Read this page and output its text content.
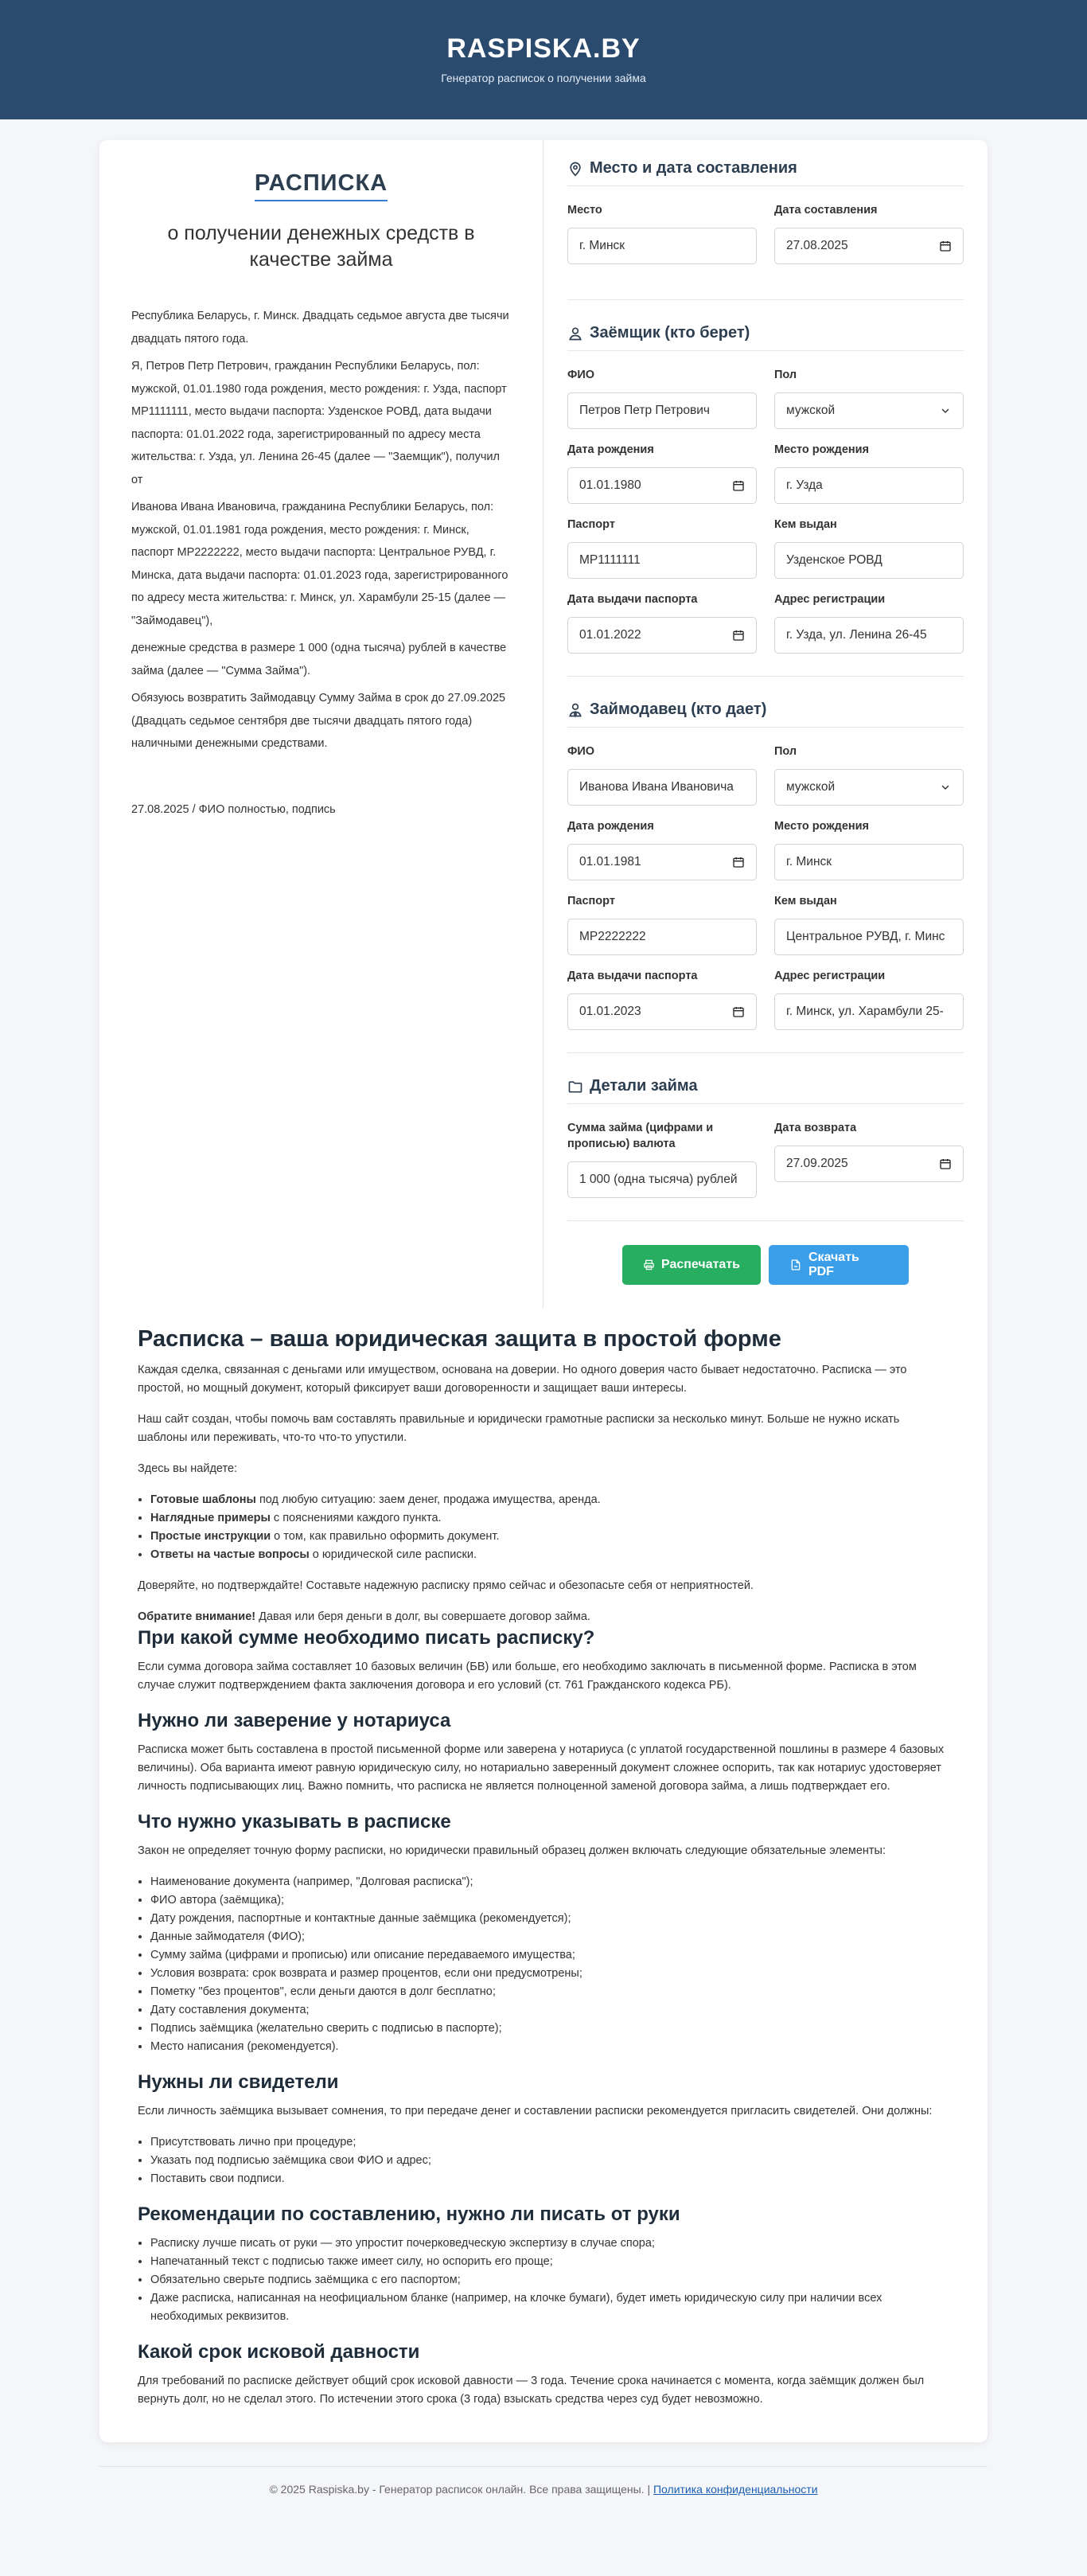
RASPISKA.BY

Генератор расписок о получении займа

РАСПИСКА
о получении денежных средств в качестве займа

Республика Беларусь, г. Минск. Двадцать седьмое августа две тысячи двадцать пятого года.

Я, Петров Петр Петрович, гражданин Республики Беларусь, пол: мужской, 01.01.1980 года рождения, место рождения: г. Узда, паспорт MP1111111, место выдачи паспорта: Узденское РОВД, дата выдачи паспорта: 01.01.2022 года, зарегистрированный по адресу места жительства: г. Узда, ул. Ленина 26-45 (далее — "Заемщик"), получил от

Иванова Ивана Ивановича, гражданина Республики Беларусь, пол: мужской, 01.01.1981 года рождения, место рождения: г. Минск, паспорт MP2222222, место выдачи паспорта: Центральное РУВД, г. Минска, дата выдачи паспорта: 01.01.2023 года, зарегистрированного по адресу места жительства: г. Минск, ул. Харамбули 25-15 (далее — "Займодавец"),

денежные средства в размере 1 000 (одна тысяча) рублей в качестве займа (далее — "Сумма Займа").

Обязуюсь возвратить Займодавцу Сумму Займа в срок до 27.09.2025 (Двадцать седьмое сентября две тысячи двадцать пятого года) наличными денежными средствами.

27.08.2025 / ФИО полностью, подпись
Место и дата составления
Место
г. Минск
Дата составления
27.08.2025
Заёмщик (кто берет)
ФИО
Петров Петр Петрович
Пол
мужской
Дата рождения
01.01.1980
Место рождения
г. Узда
Паспорт
MP1111111
Кем выдан
Узденское РОВД
Дата выдачи паспорта
01.01.2022
Адрес регистрации
г. Узда, ул. Ленина 26-45
Займодавец (кто дает)
ФИО
Иванова Ивана Ивановича
Пол
мужской
Дата рождения
01.01.1981
Место рождения
г. Минск
Паспорт
MP2222222
Кем выдан
Центральное РУВД, г. Минс
Дата выдачи паспорта
01.01.2023
Адрес регистрации
г. Минск, ул. Харамбули 25-
Детали займа
Сумма займа (цифрами и прописью) валюта
1 000 (одна тысяча) рублей
Дата возврата
27.09.2025
Распечатать
Скачать PDF
Расписка – ваша юридическая защита в простой форме

Каждая сделка, связанная с деньгами или имуществом, основана на доверии. Но одного доверия часто бывает недостаточно. Расписка — это простой, но мощный документ, который фиксирует ваши договоренности и защищает ваши интересы.

Наш сайт создан, чтобы помочь вам составлять правильные и юридически грамотные расписки за несколько минут. Больше не нужно искать шаблоны или переживать, что-то что-то упустили.

Здесь вы найдете:

• Готовые шаблоны под любую ситуацию: заем денег, продажа имущества, аренда.
• Наглядные примеры с пояснениями каждого пункта.
• Простые инструкции о том, как правильно оформить документ.
• Ответы на частые вопросы о юридической силе расписки.

Доверяйте, но подтверждайте! Составьте надежную расписку прямо сейчас и обезопасьте себя от неприятностей.

Обратите внимание! Давая или беря деньги в долг, вы совершаете договор займа.

При какой сумме необходимо писать расписку?

Если сумма договора займа составляет 10 базовых величин (БВ) или больше, его необходимо заключать в письменной форме. Расписка в этом случае служит подтверждением факта заключения договора и его условий (ст. 761 Гражданского кодекса РБ).

Нужно ли заверение у нотариуса

Расписка может быть составлена в простой письменной форме или заверена у нотариуса (с уплатой государственной пошлины в размере 4 базовых величины). Оба варианта имеют равную юридическую силу, но нотариально заверенный документ сложнее оспорить, так как нотариус удостоверяет личность подписывающих лиц. Важно помнить, что расписка не является полноценной заменой договора займа, а лишь подтверждает его.

Что нужно указывать в расписке

Закон не определяет точную форму расписки, но юридически правильный образец должен включать следующие обязательные элементы:

• Наименование документа (например, "Долговая расписка");
• ФИО автора (заёмщика);
• Дату рождения, паспортные и контактные данные заёмщика (рекомендуется);
• Данные займодателя (ФИО);
• Сумму займа (цифрами и прописью) или описание передаваемого имущества;
• Условия возврата: срок возврата и размер процентов, если они предусмотрены;
• Пометку "без процентов", если деньги даются в долг бесплатно;
• Дату составления документа;
• Подпись заёмщика (желательно сверить с подписью в паспорте);
• Место написания (рекомендуется).
Нужны ли свидетели

Если личность заёмщика вызывает сомнения, то при передаче денег и составлении расписки рекомендуется пригласить свидетелей. Они должны:

• Присутствовать лично при процедуре;
• Указать под подписью заёмщика свои ФИО и адрес;
• Поставить свои подписи.
Рекомендации по составлению, нужно ли писать от руки
• Расписку лучше писать от руки — это упростит почерковедческую экспертизу в случае спора;
• Напечатанный текст с подписью также имеет силу, но оспорить его проще;
• Обязательно сверьте подпись заёмщика с его паспортом;
• Даже расписка, написанная на неофициальном бланке (например, на клочке бумаги), будет иметь юридическую силу при наличии всех необходимых реквизитов.
Какой срок исковой давности

Для требований по расписке действует общий срок исковой давности — 3 года. Течение срока начинается с момента, когда заёмщик должен был вернуть долг, но не сделал этого. По истечении этого срока (3 года) взыскать средства через суд будет невозможно.

© 2025 Raspiska.by - Генератор расписок онлайн. Все права защищены. | Политика конфиденциальности
